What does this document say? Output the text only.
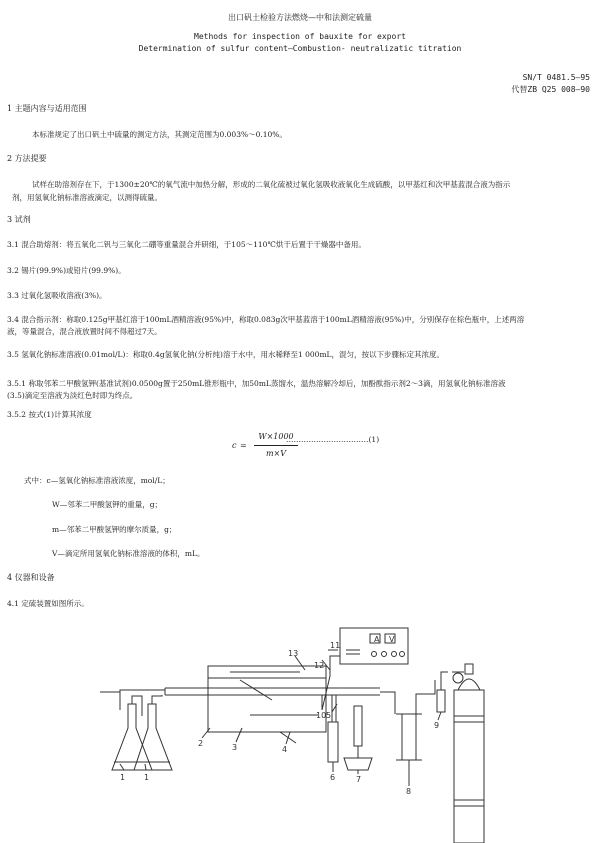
出口矾土检验方法燃烧—中和法测定硫量
Methods for inspection of bauxite for export
Determination of sulfur content—Combustion- neutralizatic titration
SN/T 0481.5—95
代替ZB Q25 008—90
1 主题内容与适用范围
本标准规定了出口矾土中硫量的测定方法，其测定范围为0.003%～0.10%。
2 方法提要
试样在助溶剂存在下，于1300±20℃的氧气流中加热分解，形成的二氧化硫被过氧化氢吸收液氧化生成硫酸，以甲基红和次甲基蓝混合液为指示
剂，用氢氧化钠标准溶液滴定，以测得硫量。
3 试剂
3.1 混合助熔剂：将五氧化二钒与三氧化二硼等重量混合并研细，于105～110℃烘干后置于干燥器中备用。
3.2 锡片(99.9%)或铅片(99.9%)。
3.3 过氧化氢吸收溶液(3%)。
3.4 混合指示剂：称取0.125g甲基红溶于100mL酒精溶液(95%)中，称取0.083g次甲基蓝溶于100mL酒精溶液(95%)中，分别保存在棕色瓶中，上述两溶
液，等量混合，混合液放置时间不得超过7天。
3.5 氢氧化钠标准溶液(0.01mol/L)：称取0.4g氢氧化钠(分析纯)溶于水中，用水稀释至1 000mL，混匀，按以下步骤标定其浓度。
3.5.1 称取邻苯二甲酸氢钾(基准试剂)0.0500g置于250mL锥形瓶中，加50mL蒸馏水，温热溶解冷却后，加酚酞指示剂2～3滴，用氢氧化钠标准溶液
(3.5)滴定至溶液为淡红色时即为终点。
3.5.2 按式(1)计算其浓度
c =
W×1000
m×V
……………………………(1)
式中：c—氢氧化钠标准溶液浓度，mol/L；
W—邻苯二甲酸氢钾的重量，g；
m—邻苯二甲酸氢钾的摩尔质量，g；
V—滴定所用氢氧化钠标准溶液的体积，mL。
4 仪器和设备
4.1 定硫装置如图所示。
A V
1 1
2	3	4
5
6	7
8
9
10
11
12
13
